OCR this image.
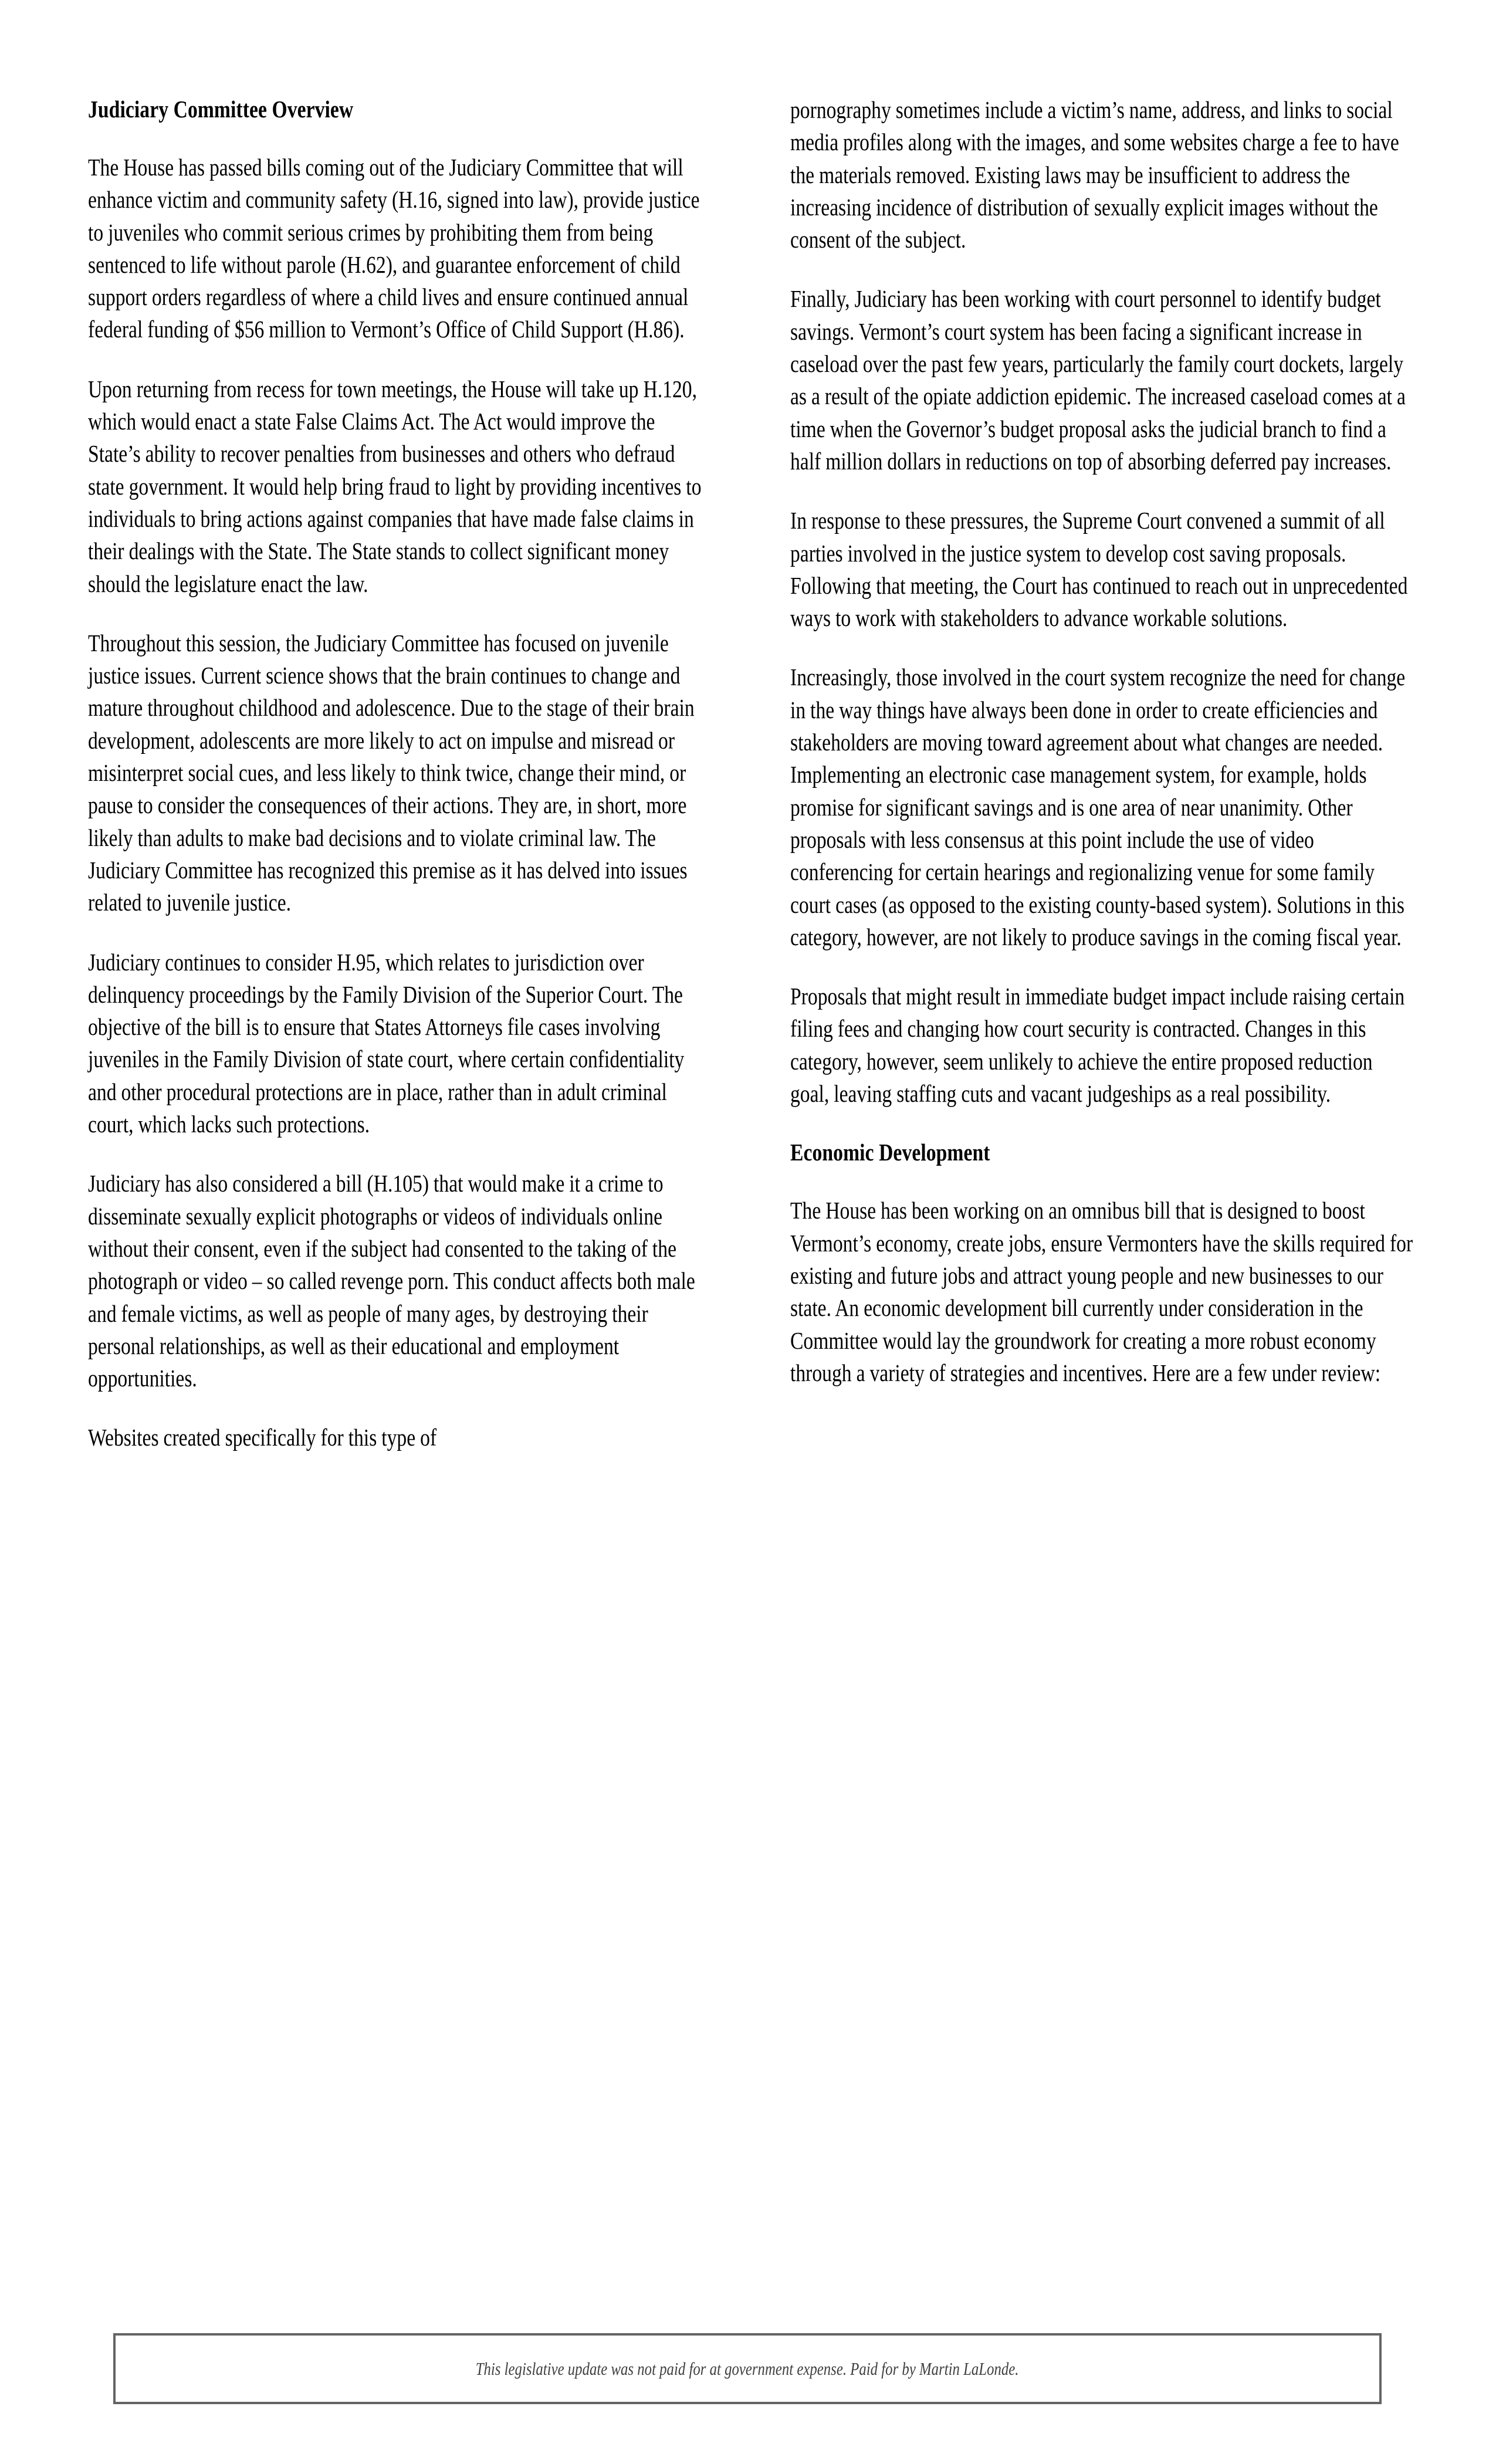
Judiciary Committee Overview

The House has passed bills coming out of the Judiciary Committee that will enhance victim and community safety (H.16, signed into law), provide justice to juveniles who commit serious crimes by prohibiting them from being sentenced to life without parole (H.62), and guarantee enforcement of child support orders regardless of where a child lives and ensure continued annual federal funding of $56 million to Vermont’s Office of Child Support (H.86).

Upon returning from recess for town meetings, the House will take up H.120, which would enact a state False Claims Act. The Act would improve the State’s ability to recover penalties from businesses and others who defraud state government. It would help bring fraud to light by providing incentives to individuals to bring actions against companies that have made false claims in their dealings with the State. The State stands to collect significant money should the legislature enact the law.

Throughout this session, the Judiciary Committee has focused on juvenile justice issues. Current science shows that the brain continues to change and mature throughout childhood and adolescence. Due to the stage of their brain development, adolescents are more likely to act on impulse and misread or misinterpret social cues, and less likely to think twice, change their mind, or pause to consider the consequences of their actions. They are, in short, more likely than adults to make bad decisions and to violate criminal law. The Judiciary Committee has recognized this premise as it has delved into issues related to juvenile justice.

Judiciary continues to consider H.95, which relates to jurisdiction over delinquency proceedings by the Family Division of the Superior Court. The objective of the bill is to ensure that States Attorneys file cases involving juveniles in the Family Division of state court, where certain confidentiality and other procedural protections are in place, rather than in adult criminal court, which lacks such protections.

Judiciary has also considered a bill (H.105) that would make it a crime to disseminate sexually explicit photographs or videos of individuals online without their consent, even if the subject had consented to the taking of the photograph or video – so called revenge porn. This conduct affects both male and female victims, as well as people of many ages, by destroying their personal relationships, as well as their educational and employment opportunities.

Websites created specifically for this type of

pornography sometimes include a victim’s name, address, and links to social media profiles along with the images, and some websites charge a fee to have the materials removed. Existing laws may be insufficient to address the increasing incidence of distribution of sexually explicit images without the consent of the subject.

Finally, Judiciary has been working with court personnel to identify budget savings. Vermont’s court system has been facing a significant increase in caseload over the past few years, particularly the family court dockets, largely as a result of the opiate addiction epidemic. The increased caseload comes at a time when the Governor’s budget proposal asks the judicial branch to find a half million dollars in reductions on top of absorbing deferred pay increases.

In response to these pressures, the Supreme Court convened a summit of all parties involved in the justice system to develop cost saving proposals. Following that meeting, the Court has continued to reach out in unprecedented ways to work with stakeholders to advance workable solutions.

Increasingly, those involved in the court system recognize the need for change in the way things have always been done in order to create efficiencies and stakeholders are moving toward agreement about what changes are needed. Implementing an electronic case management system, for example, holds promise for significant savings and is one area of near unanimity. Other proposals with less consensus at this point include the use of video conferencing for certain hearings and regionalizing venue for some family court cases (as opposed to the existing county-based system). Solutions in this category, however, are not likely to produce savings in the coming fiscal year.

Proposals that might result in immediate budget impact include raising certain filing fees and changing how court security is contracted. Changes in this category, however, seem unlikely to achieve the entire proposed reduction goal, leaving staffing cuts and vacant judgeships as a real possibility.

Economic Development

The House has been working on an omnibus bill that is designed to boost Vermont’s economy, create jobs, ensure Vermonters have the skills required for existing and future jobs and attract young people and new businesses to our state. An economic development bill currently under consideration in the Committee would lay the groundwork for creating a more robust economy through a variety of strategies and incentives. Here are a few under review:

This legislative update was not paid for at government expense. Paid for by Martin LaLonde.
